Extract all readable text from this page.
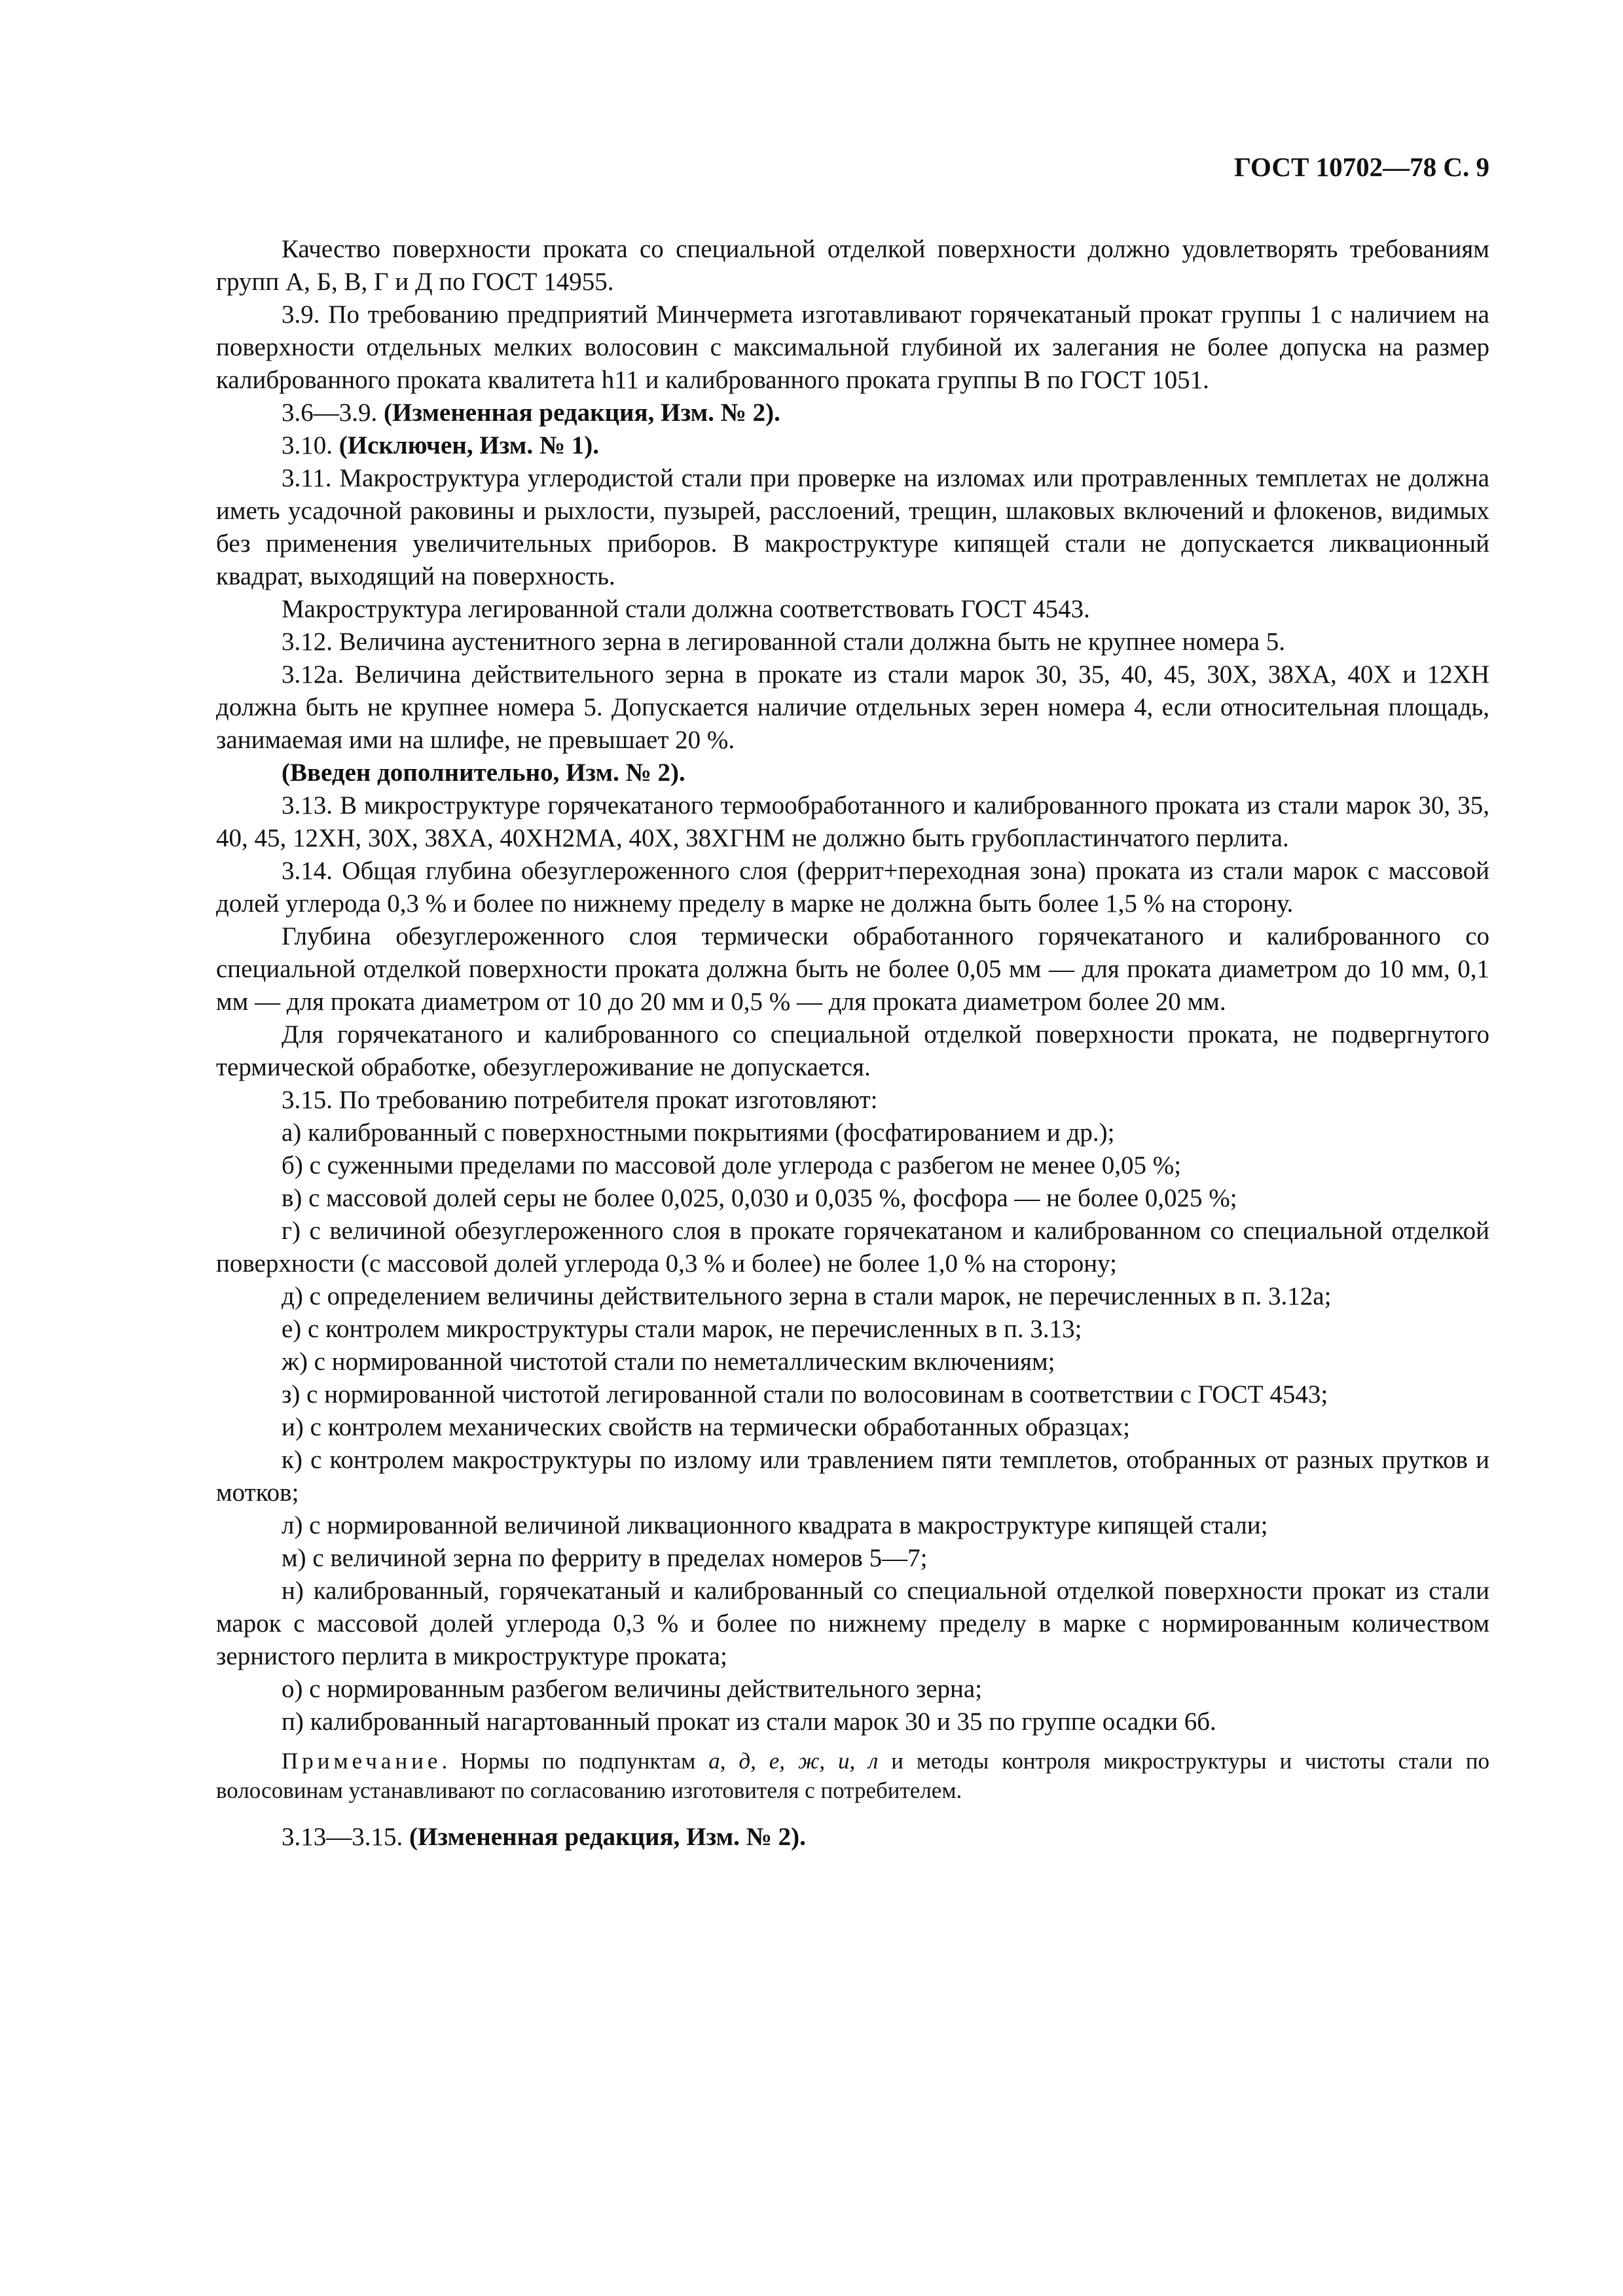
ГОСТ 10702—78 С. 9

Качество поверхности проката со специальной отделкой поверхности должно удовлетворять требованиям групп А, Б, В, Г и Д по ГОСТ 14955.

3.9. По требованию предприятий Минчермета изготавливают горячекатаный прокат группы 1 с наличием на поверхности отдельных мелких волосовин с максимальной глубиной их залегания не более допуска на размер калиброванного проката квалитета h11 и калиброванного проката группы В по ГОСТ 1051.

3.6—3.9. (Измененная редакция, Изм. № 2).

3.10. (Исключен, Изм. № 1).

3.11. Макроструктура углеродистой стали при проверке на изломах или протравленных темплетах не должна иметь усадочной раковины и рыхлости, пузырей, расслоений, трещин, шлаковых включений и флокенов, видимых без применения увеличительных приборов. В макроструктуре кипящей стали не допускается ликвационный квадрат, выходящий на поверхность.

Макроструктура легированной стали должна соответствовать ГОСТ 4543.

3.12. Величина аустенитного зерна в легированной стали должна быть не крупнее номера 5.

3.12а. Величина действительного зерна в прокате из стали марок 30, 35, 40, 45, 30Х, 38ХА, 40Х и 12ХН должна быть не крупнее номера 5. Допускается наличие отдельных зерен номера 4, если относительная площадь, занимаемая ими на шлифе, не превышает 20 %.

(Введен дополнительно, Изм. № 2).

3.13. В микроструктуре горячекатаного термообработанного и калиброванного проката из стали марок 30, 35, 40, 45, 12ХН, 30Х, 38ХА, 40ХН2МА, 40Х, 38ХГНМ не должно быть грубопластинчатого перлита.

3.14. Общая глубина обезуглероженного слоя (феррит+переходная зона) проката из стали марок с массовой долей углерода 0,3 % и более по нижнему пределу в марке не должна быть более 1,5 % на сторону.

Глубина обезуглероженного слоя термически обработанного горячекатаного и калиброванного со специальной отделкой поверхности проката должна быть не более 0,05 мм — для проката диаметром до 10 мм, 0,1 мм — для проката диаметром от 10 до 20 мм и 0,5 % — для проката диаметром более 20 мм.

Для горячекатаного и калиброванного со специальной отделкой поверхности проката, не подвергнутого термической обработке, обезуглероживание не допускается.

3.15. По требованию потребителя прокат изготовляют:

а) калиброванный с поверхностными покрытиями (фосфатированием и др.);

б) с суженными пределами по массовой доле углерода с разбегом не менее 0,05 %;

в) с массовой долей серы не более 0,025, 0,030 и 0,035 %, фосфора — не более 0,025 %;

г) с величиной обезуглероженного слоя в прокате горячекатаном и калиброванном со специальной отделкой поверхности (с массовой долей углерода 0,3 % и более) не более 1,0 % на сторону;

д) с определением величины действительного зерна в стали марок, не перечисленных в п. 3.12а;

е) с контролем микроструктуры стали марок, не перечисленных в п. 3.13;

ж) с нормированной чистотой стали по неметаллическим включениям;

з) с нормированной чистотой легированной стали по волосовинам в соответствии с ГОСТ 4543;

и) с контролем механических свойств на термически обработанных образцах;

к) с контролем макроструктуры по излому или травлением пяти темплетов, отобранных от разных прутков и мотков;

л) с нормированной величиной ликвационного квадрата в макроструктуре кипящей стали;

м) с величиной зерна по ферриту в пределах номеров 5—7;

н) калиброванный, горячекатаный и калиброванный со специальной отделкой поверхности прокат из стали марок с массовой долей углерода 0,3 % и более по нижнему пределу в марке с нормированным количеством зернистого перлита в микроструктуре проката;

о) с нормированным разбегом величины действительного зерна;

п) калиброванный нагартованный прокат из стали марок 30 и 35 по группе осадки 6б.

Примечание. Нормы по подпунктам а, д, е, ж, и, л и методы контроля микроструктуры и чистоты стали по волосовинам устанавливают по согласованию изготовителя с потребителем.

3.13—3.15. (Измененная редакция, Изм. № 2).
